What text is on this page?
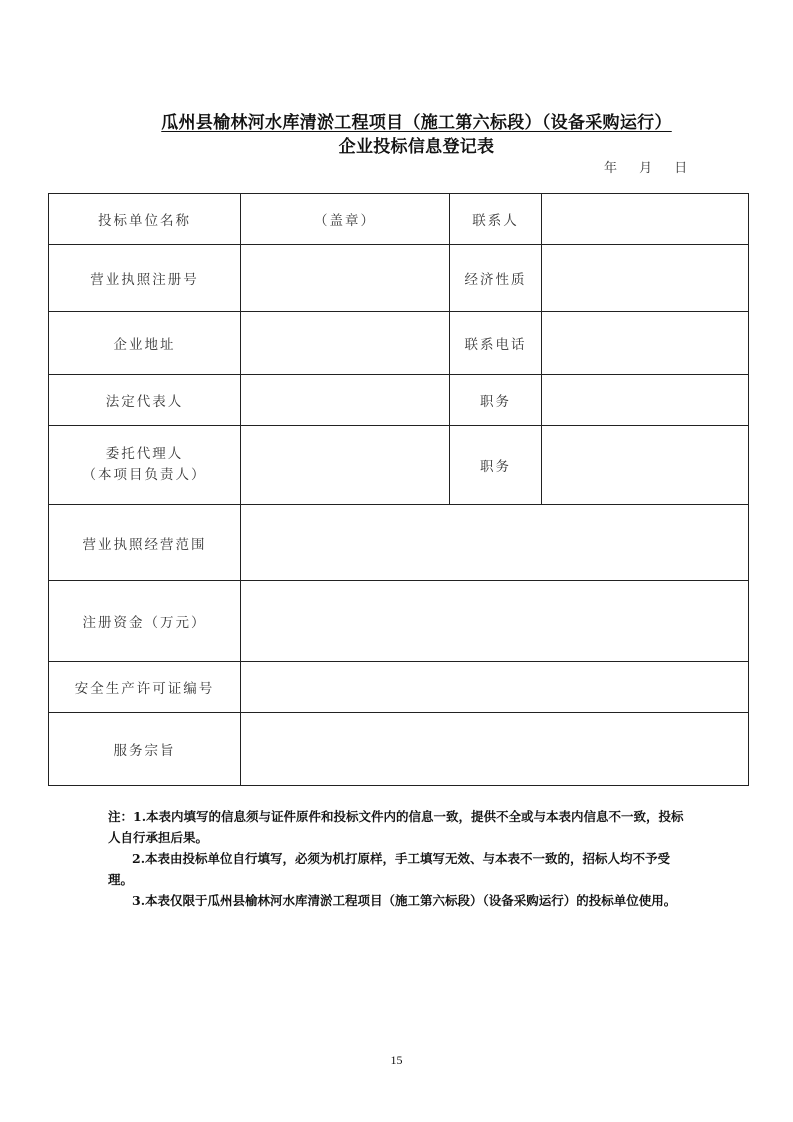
瓜州县榆林河水库清淤工程项目（施工第六标段）（设备采购运行）
企业投标信息登记表
年 月 日
投标单位名称	（盖章）	联系人	
营业执照注册号		经济性质	
企业地址		联系电话	
法定代表人		职务	

委托代理人
（本项目负责人）		职务	
营业执照经营范围			
注册资金（万元）			
安全生产许可证编号			
服务宗旨			

注：1.本表内填写的信息须与证件原件和投标文件内的信息一致，提供不全或与本表内信息不一致，投标人自行承担后果。

2.本表由投标单位自行填写，必须为机打原样，手工填写无效、与本表不一致的，招标人均不予受理。

3.本表仅限于瓜州县榆林河水库清淤工程项目（施工第六标段）（设备采购运行）的投标单位使用。

15
